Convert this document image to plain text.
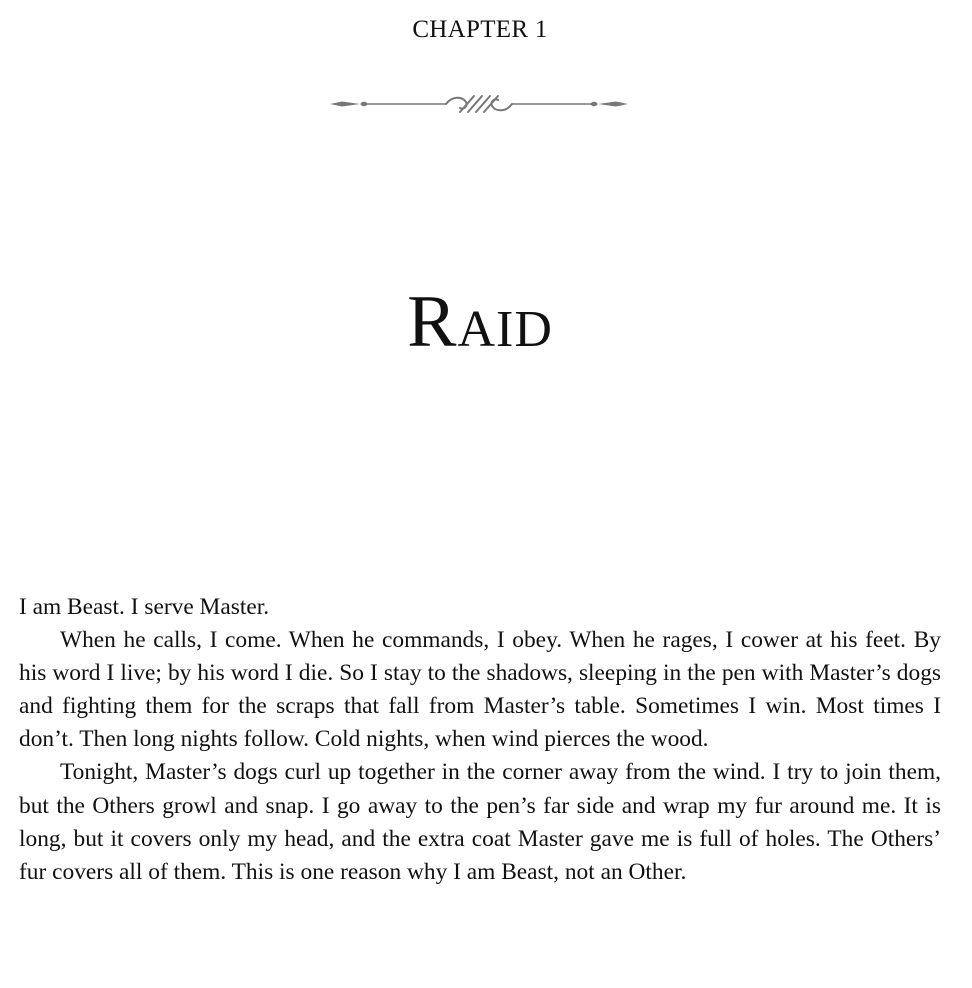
CHAPTER 1
Raid

I am Beast. I serve Master.

When he calls, I come. When he commands, I obey. When he rages, I cower at his feet. By his word I live; by his word I die. So I stay to the shadows, sleeping in the pen with Master’s dogs and fighting them for the scraps that fall from Master’s table. Sometimes I win. Most times I don’t. Then long nights follow. Cold nights, when wind pierces the wood.

Tonight, Master’s dogs curl up together in the corner away from the wind. I try to join them, but the Others growl and snap. I go away to the pen’s far side and wrap my fur around me. It is long, but it covers only my head, and the extra coat Master gave me is full of holes. The Others’ fur covers all of them. This is one reason why I am Beast, not an Other.
